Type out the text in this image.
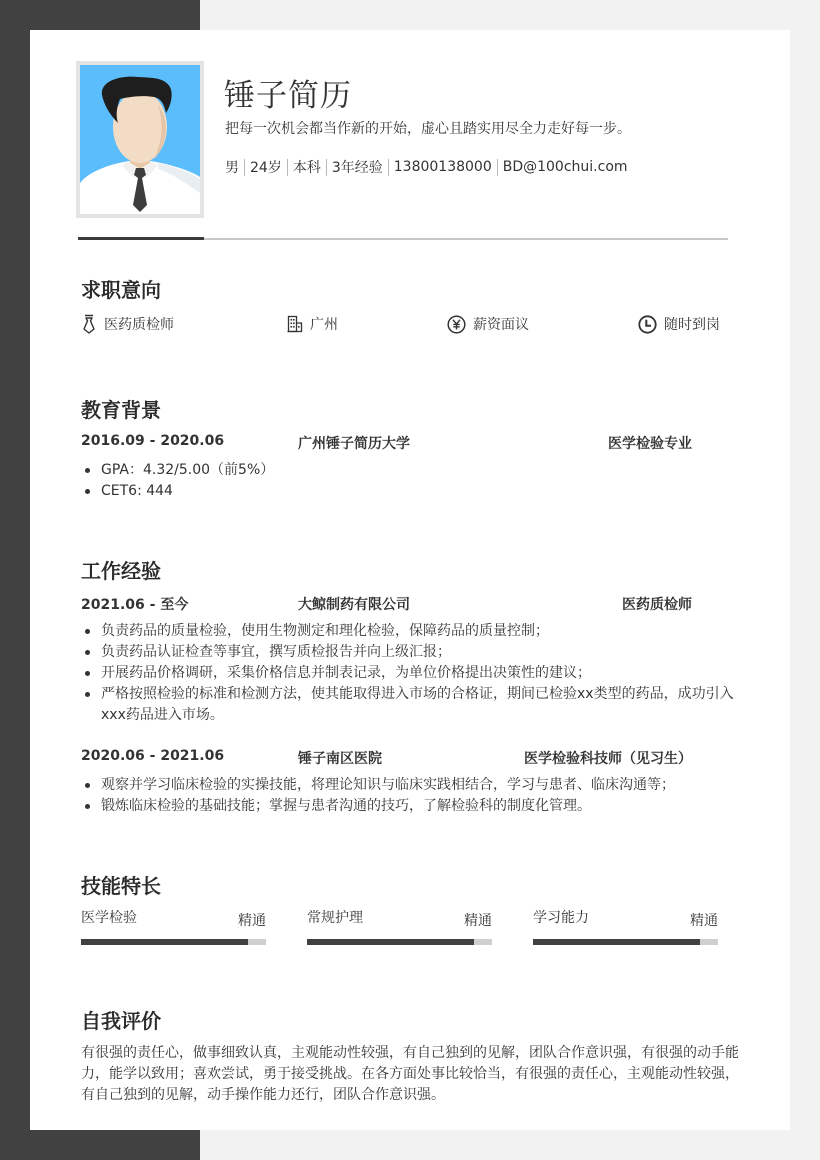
锤子简历
把每一次机会都当作新的开始，虚心且踏实用尽全力走好每一步。
男 24岁 本科 3年经验 13800138000 BD@100chui.com
求职意向
医药质检师	广州	薪资面议	随时到岗
教育背景
2016.09 - 2020.06	广州锤子简历大学	医学检验专业
GPA：4.32/5.00（前5%）
CET6: 444
工作经验
2021.06 - 至今	大鲸制药有限公司	医药质检师
负责药品的质量检验，使用生物测定和理化检验，保障药品的质量控制；
负责药品认证检查等事宜，撰写质检报告并向上级汇报；
开展药品价格调研，采集价格信息并制表记录，为单位价格提出决策性的建议；
严格按照检验的标准和检测方法，使其能取得进入市场的合格证，期间已检验xx类型的药品，成功引入xxx药品进入市场。
2020.06 - 2021.06	锤子南区医院	医学检验科技师（见习生）
观察并学习临床检验的实操技能，将理论知识与临床实践相结合，学习与患者、临床沟通等；
锻炼临床检验的基础技能；掌握与患者沟通的技巧，了解检验科的制度化管理。
技能特长
医学检验	精通	常规护理	精通	学习能力	精通
自我评价
有很强的责任心，做事细致认真，主观能动性较强，有自己独到的见解，团队合作意识强，有很强的动手能力，能学以致用；喜欢尝试，勇于接受挑战。在各方面处事比较恰当，有很强的责任心，主观能动性较强，有自己独到的见解，动手操作能力还行，团队合作意识强。
